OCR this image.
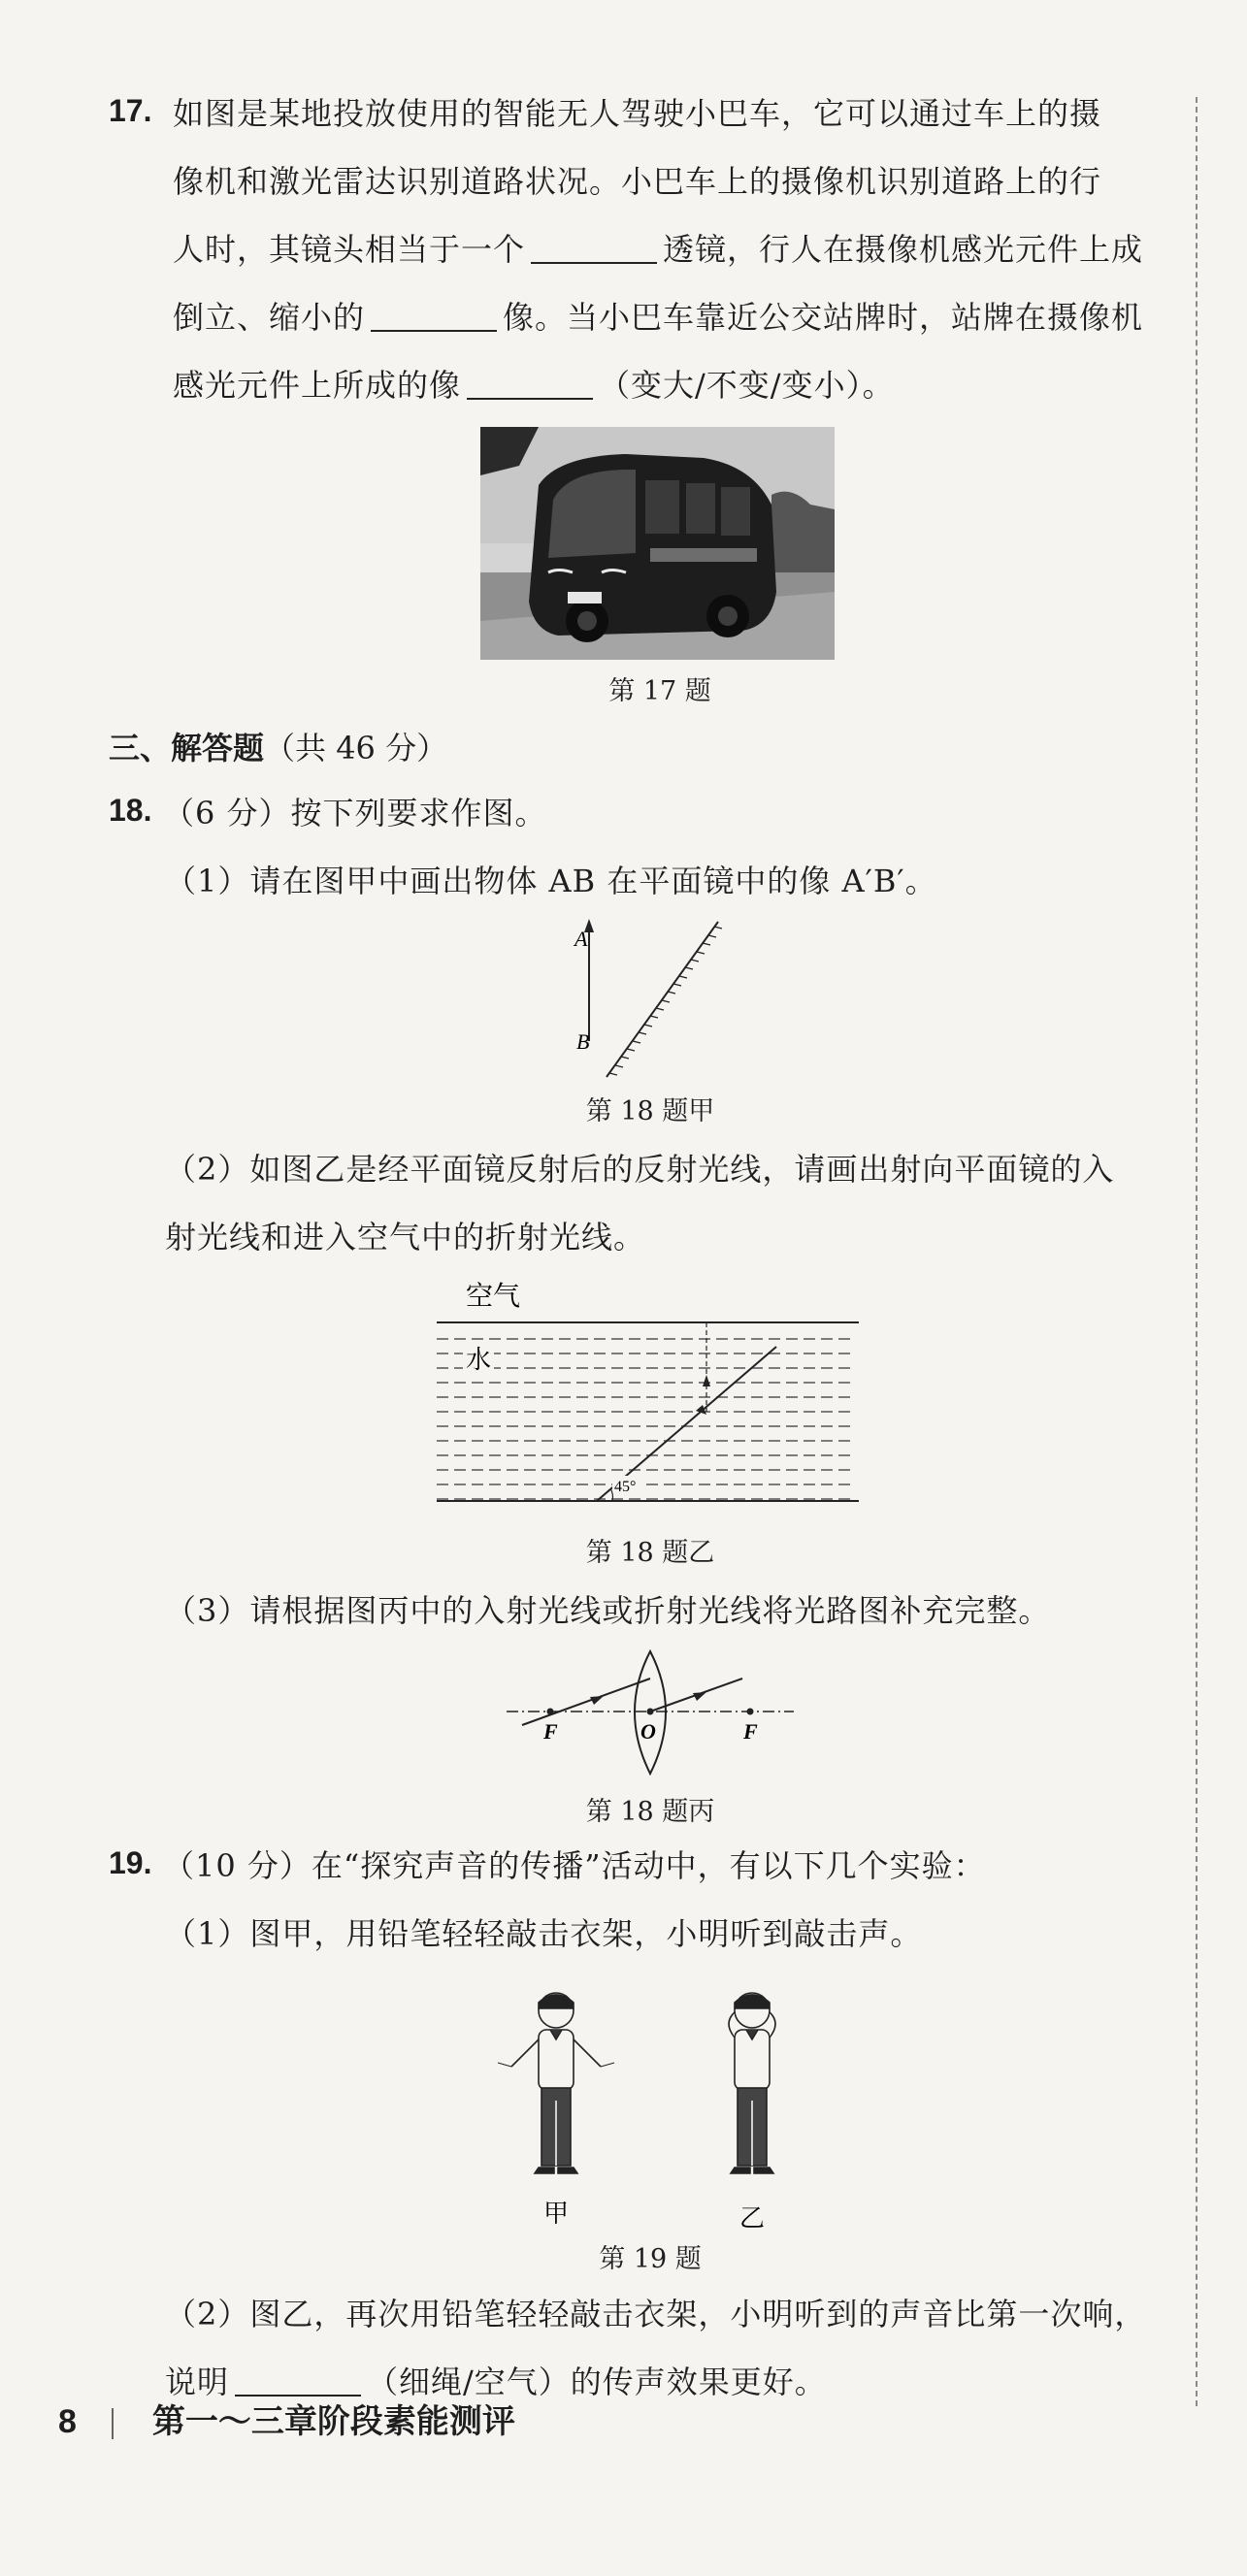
17. 如图是某地投放使用的智能无人驾驶小巴车，它可以通过车上的摄
像机和激光雷达识别道路状况。小巴车上的摄像机识别道路上的行
人时，其镜头相当于一个	透镜，行人在摄像机感光元件上成
倒立、缩小的	像。当小巴车靠近公交站牌时，站牌在摄像机
感光元件上所成的像	（变大/不变/变小）。
第 17 题
三、解答题（共 46 分）
18. （6 分）按下列要求作图。
（1）请在图甲中画出物体 AB 在平面镜中的像 A′B′。
A
B
第 18 题甲
（2）如图乙是经平面镜反射后的反射光线，请画出射向平面镜的入
射光线和进入空气中的折射光线。
空气
水
45°
第 18 题乙
（3）请根据图丙中的入射光线或折射光线将光路图补充完整。
F	O	F
第 18 题丙
19. （10 分）在“探究声音的传播”活动中，有以下几个实验：
（1）图甲，用铅笔轻轻敲击衣架，小明听到敲击声。
甲	乙
第 19 题
（2）图乙，再次用铅笔轻轻敲击衣架，小明听到的声音比第一次响，
说明	（细绳/空气）的传声效果更好。
8 第一～三章阶段素能测评
